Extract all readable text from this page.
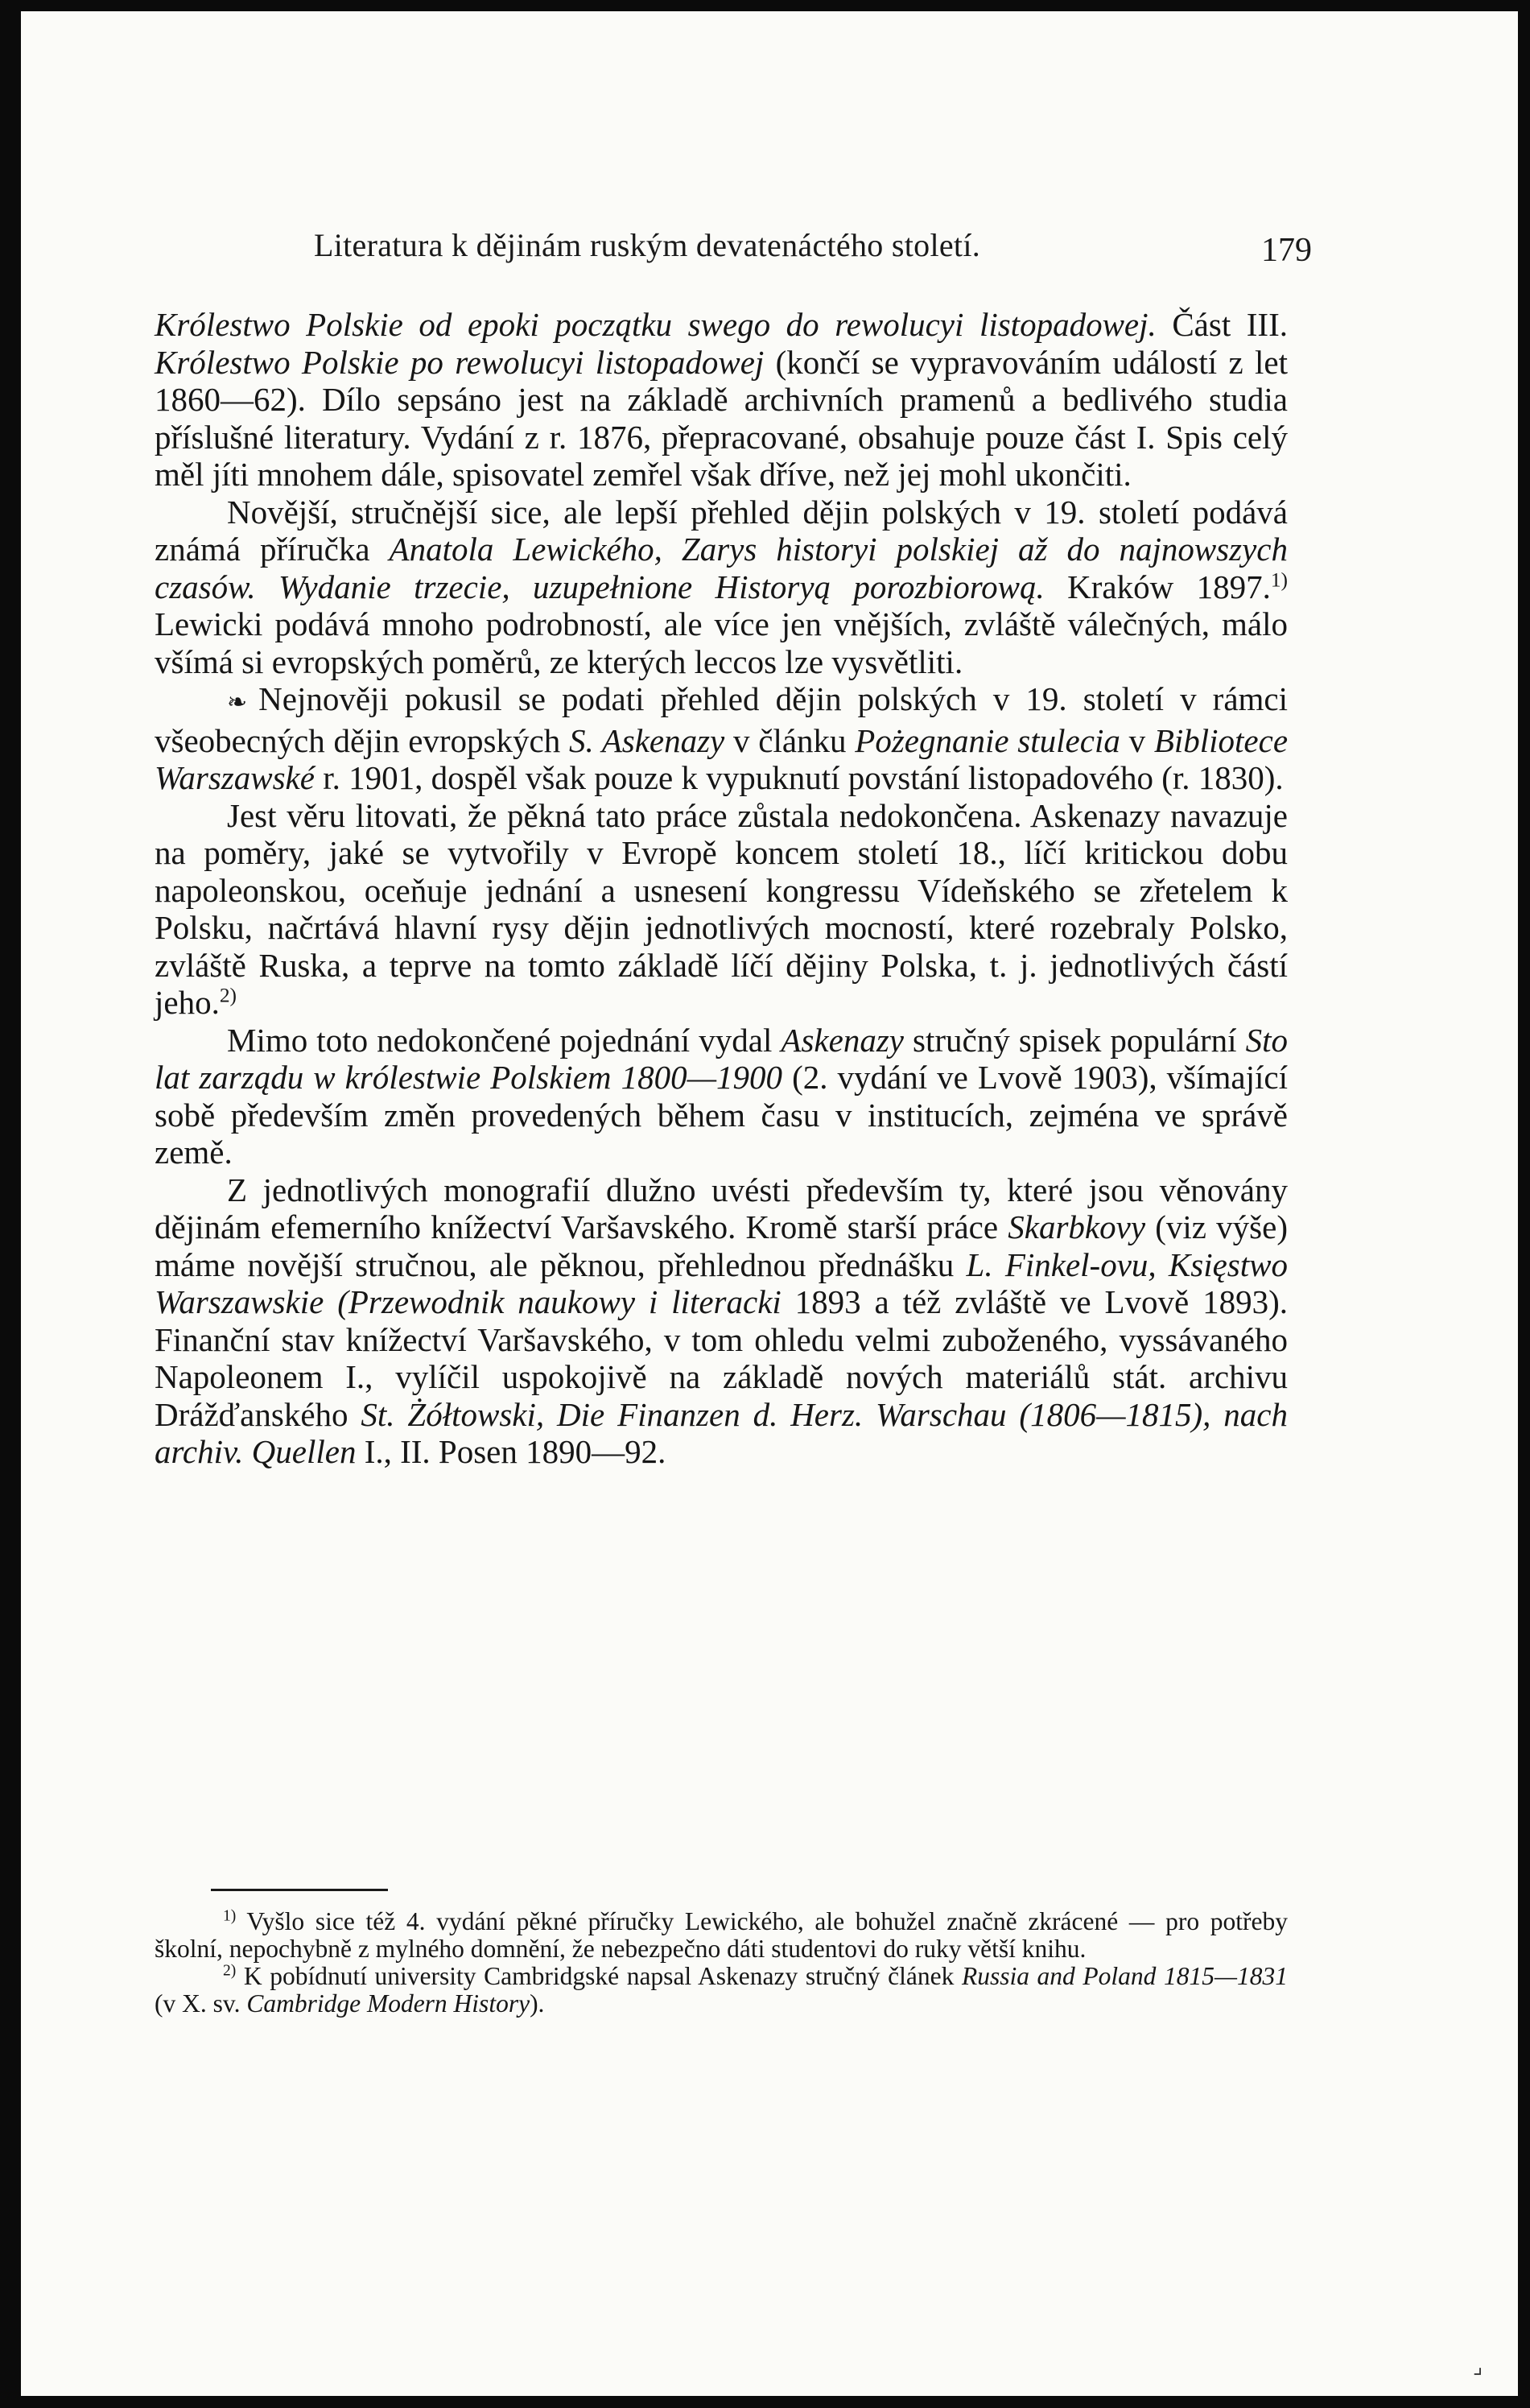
Literatura k dějinám ruským devatenáctého století.	179

Królestwo Polskie od epoki początku swego do rewolucyi listopadowej. Část III. Królestwo Polskie po rewolucyi listopadowej (končí se vypravováním událostí z let 1860—62). Dílo sepsáno jest na základě archivních pramenů a bedlivého studia příslušné literatury. Vydání z r. 1876, přepracované, obsahuje pouze část I. Spis celý měl jíti mnohem dále, spisovatel zemřel však dříve, než jej mohl ukončiti.

Novější, stručnější sice, ale lepší přehled dějin polských v 19. století podává známá příručka Anatola Lewického, Zarys historyi polskiej až do najnowszych czasów. Wydanie trzecie, uzupełnione Historyą porozbiorową. Kraków 1897.$^{1)}$ Lewicki podává mnoho podrobností, ale více jen vnějších, zvláště válečných, málo všímá si evropských poměrů, ze kterých leccos lze vysvětliti.

❧ Nejnověji pokusil se podati přehled dějin polských v 19. století v rámci všeobecných dějin evropských S. Askenazy v článku Pożegnanie stulecia v Bibliotece Warszawské r. 1901, dospěl však pouze k vypuknutí povstání listopadového (r. 1830).

Jest věru litovati, že pěkná tato práce zůstala nedokončena. Askenazy navazuje na poměry, jaké se vytvořily v Evropě koncem století 18., líčí kritickou dobu napoleonskou, oceňuje jednání a usnesení kongressu Vídeňského se zřetelem k Polsku, načrtává hlavní rysy dějin jednotlivých mocností, které rozebraly Polsko, zvláště Ruska, a teprve na tomto základě líčí dějiny Polska, t. j. jednotlivých částí jeho.$^{2)}$

Mimo toto nedokončené pojednání vydal Askenazy stručný spisek populární Sto lat zarządu w królestwie Polskiem 1800—1900 (2. vydání ve Lvově 1903), všímající sobě především změn provedených během času v institucích, zejména ve správě země.

Z jednotlivých monografií dlužno uvésti především ty, které jsou věnovány dějinám efemerního knížectví Varšavského. Kromě starší práce Skarbkovy (viz výše) máme novější stručnou, ale pěknou, přehlednou přednášku L. Finkel-ovu, Księstwo Warszawskie (Przewodnik naukowy i literacki 1893 a též zvláště ve Lvově 1893). Finanční stav knížectví Varšavského, v tom ohledu velmi zuboženého, vyssávaného Napoleonem I., vylíčil uspokojivě na základě nových materiálů stát. archivu Drážďanského St. Żółtowski, Die Finanzen d. Herz. Warschau (1806—1815), nach archiv. Quellen I., II. Posen 1890—92.

$^{1)}$ Vyšlo sice též 4. vydání pěkné příručky Lewického, ale bohužel značně zkrácené — pro potřeby školní, nepochybně z mylného domnění, že nebezpečno dáti studentovi do ruky větší knihu.

$^{2)}$ K pobídnutí university Cambridgské napsal Askenazy stručný článek Russia and Poland 1815—1831 (v X. sv. Cambridge Modern History).

⌟
